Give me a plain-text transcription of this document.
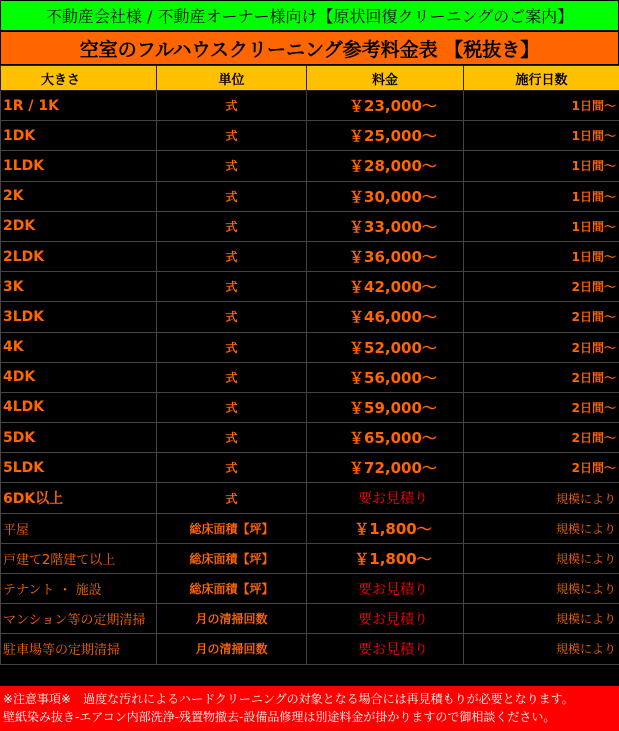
不動産会社様 / 不動産オーナー様向け【原状回復クリーニングのご案内】
空室のフルハウスクリーニング参考料金表 【税抜き】
大きさ	単位	料金	施行日数
1R / 1K	式	￥23,000～	1日間～
1DK	式	￥25,000～	1日間～
1LDK	式	￥28,000～	1日間～
2K	式	￥30,000～	1日間～
2DK	式	￥33,000～	1日間～
2LDK	式	￥36,000～	1日間～
3K	式	￥42,000～	2日間～
3LDK	式	￥46,000～	2日間～
4K	式	￥52,000～	2日間～
4DK	式	￥56,000～	2日間～
4LDK	式	￥59,000～	2日間～
5DK	式	￥65,000～	2日間～
5LDK	式	￥72,000～	2日間～
6DK以上	式	要お見積り	規模により
平屋	総床面積【坪】	￥1,800～	規模により
戸建て2階建て以上	総床面積【坪】	￥1,800～	規模により
テナント ・ 施設	総床面積【坪】	要お見積り	規模により
マンション等の定期清掃	月の清掃回数	要お見積り	規模により
駐車場等の定期清掃	月の清掃回数	要お見積り	規模により
※注意事項※　過度な汚れによるハードクリーニングの対象となる場合には再見積もりが必要となります。
壁紙染み抜き-エアコン内部洗浄-残置物撤去-設備品修理は別途料金が掛かりますので御相談ください。
